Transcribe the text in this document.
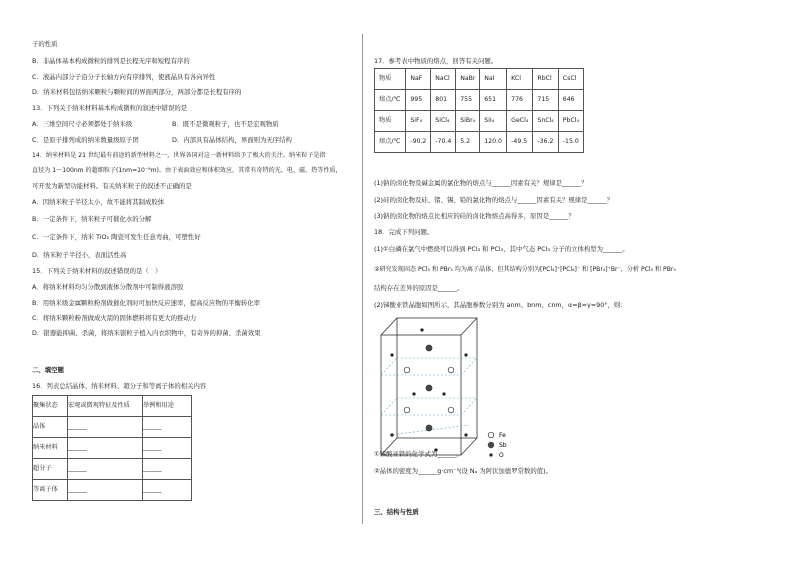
子的性质
B．非晶体基本构成微粒的排列是长程无序和短程有序的
C．液晶内部分子沿分子长轴方向有序排列，使液晶具有各向异性
D．纳米材料包括纳米颗粒与颗粒间的界面两部分，两部分都是长程有序的
13．下列关于纳米材料基本构成微粒的叙述中错误的是
A．三维空间尺寸必须都处于纳米级	B．既不是微观粒子，也不是宏观物质
C．是原子排列成的纳米数量级原子团	D．内部具有晶体结构，界面则为无序结构
14．纳米材料是 21 世纪最有前途的新型材料之一，世界各国对这一新材料给予了极大的关注。纳米粒子是指
直径为 1～100nm 的超细粒子(1nm=10⁻⁹m)。由于表面效应和体积效应，其常有奇特的光、电、磁、热等性质，
可开发为新型功能材料。有关纳米粒子的叙述不正确的是
A．因纳米粒子半径太小，故不能将其制成胶体
B．一定条件下，纳米粒子可催化水的分解
C．一定条件下，纳米 TiO₂ 陶瓷可发生任意弯曲，可塑性好
D．纳米粒子半径小，表面活性高
15．下列关于纳米材料的叙述错误的是（　）
A．将纳米材料均匀分散到液体分散剂中可制得液溶胶
B．用纳米级金属颗粒粉剂做催化剂时可加快反应速率，提高反应物的平衡转化率
C．将纳米颗粒粉剂做成火箭的固体燃料将有更大的推动力
D．银器能抑菌、杀菌，将纳米银粒子植入内衣织物中，有奇异的抑菌、杀菌效果
二、填空题
16．列表总结晶体、纳米材料、超分子和等离子体的相关内容
聚集状态	宏观或微观特征及性质	举例和用途
晶体	______	______
纳米材料	______	______
超分子	______	______
等离子体	______	______
17．参考表中物质的熔点，回答有关问题。
物质	NaF	NaCl	NaBr	NaI	KCl	RbCl	CsCl
熔点/℃	995	801	755	651	776	715	646
物质	SiF₄	SiCl₄	SiBr₄	SiI₄	GeCl₄	SnCl₄	PbCl₄
熔点/℃	-90.2	-70.4	5.2	120.0	-49.5	-36.2	-15.0
(1)钠的卤化物及碱金属的氯化物的熔点与______因素有关？规律是______？
(2)硅的卤化物及硅、锗、锡、铅的氯化物的熔点与______因素有关？规律是______？
(3)钠的卤化物的熔点比相应的硅的卤化物熔点高得多，原因是______？
18．完成下列问题。
(1)①白磷在氯气中燃烧可以得到 PCl₃ 和 PCl₅，其中气态 PCl₃ 分子的立体构型为______。
②研究发现固态 PCl₅ 和 PBr₅ 均为离子晶体，但其结构分别为[PCl₄]⁺[PCl₆]⁻ 和 [PBr₄]⁺Br⁻，分析 PCl₅ 和 PBr₅
结构存在差异的原因是______。
(2)锑酸亚铁晶胞如图所示，其晶胞参数分别为 anm、bnm、cnm，α=β=γ=90°，则：
Fe
Sb
O
①锑酸亚铁的化学式为______。
②晶体的密度为______g·cm⁻³(设 Nₐ 为阿伏加德罗常数的值)。
三、结构与性质
